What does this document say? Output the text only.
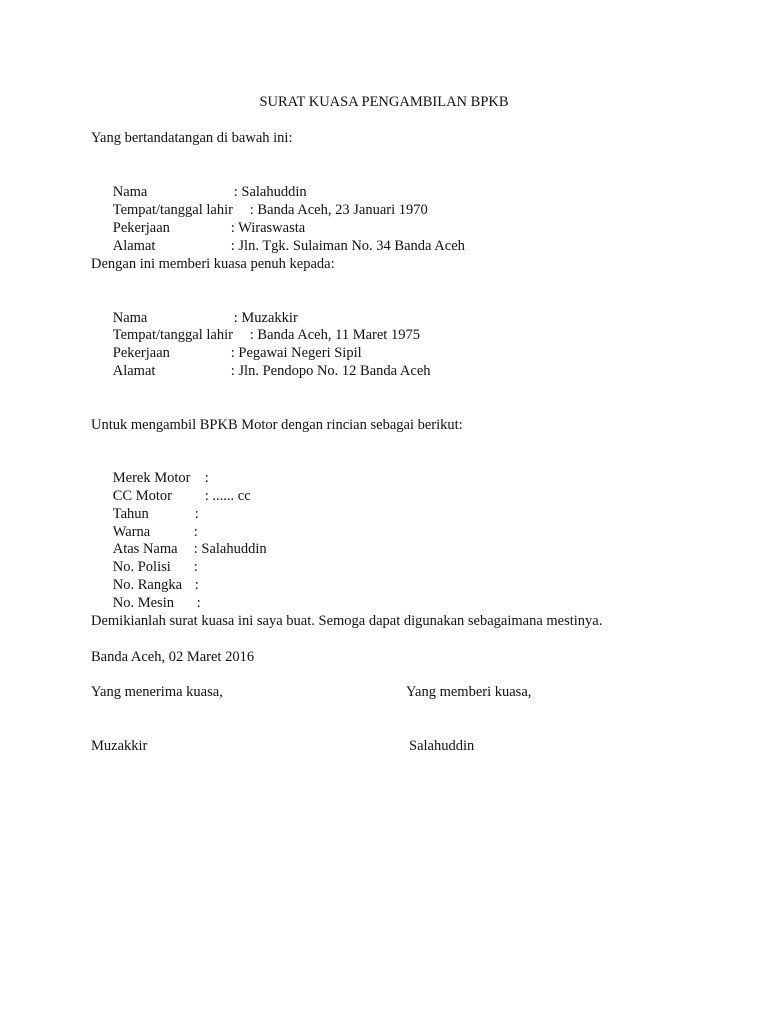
SURAT KUASA PENGAMBILAN BPKB
Yang bertandatangan di bawah ini:

Nama	: Salahuddin

Tempat/tanggal lahir : Banda Aceh, 23 Januari 1970

Pekerjaan	: Wiraswasta

Alamat	: Jln. Tgk. Sulaiman No. 34 Banda Aceh

Dengan ini memberi kuasa penuh kepada:

Nama	: Muzakkir

Tempat/tanggal lahir : Banda Aceh, 11 Maret 1975

Pekerjaan	: Pegawai Negeri Sipil

Alamat	: Jln. Pendopo No. 12 Banda Aceh

Untuk mengambil BPKB Motor dengan rincian sebagai berikut:

Merek Motor :

CC Motor : ...... cc

Tahun	:

Warna	:

Atas Nama : Salahuddin

No. Polisi :

No. Rangka :

No. Mesin :

Demikianlah surat kuasa ini saya buat. Semoga dapat digunakan sebagaimana mestinya.
Banda Aceh, 02 Maret 2016
Yang menerima kuasa,	Yang memberi kuasa,
Muzakkir	Salahuddin
